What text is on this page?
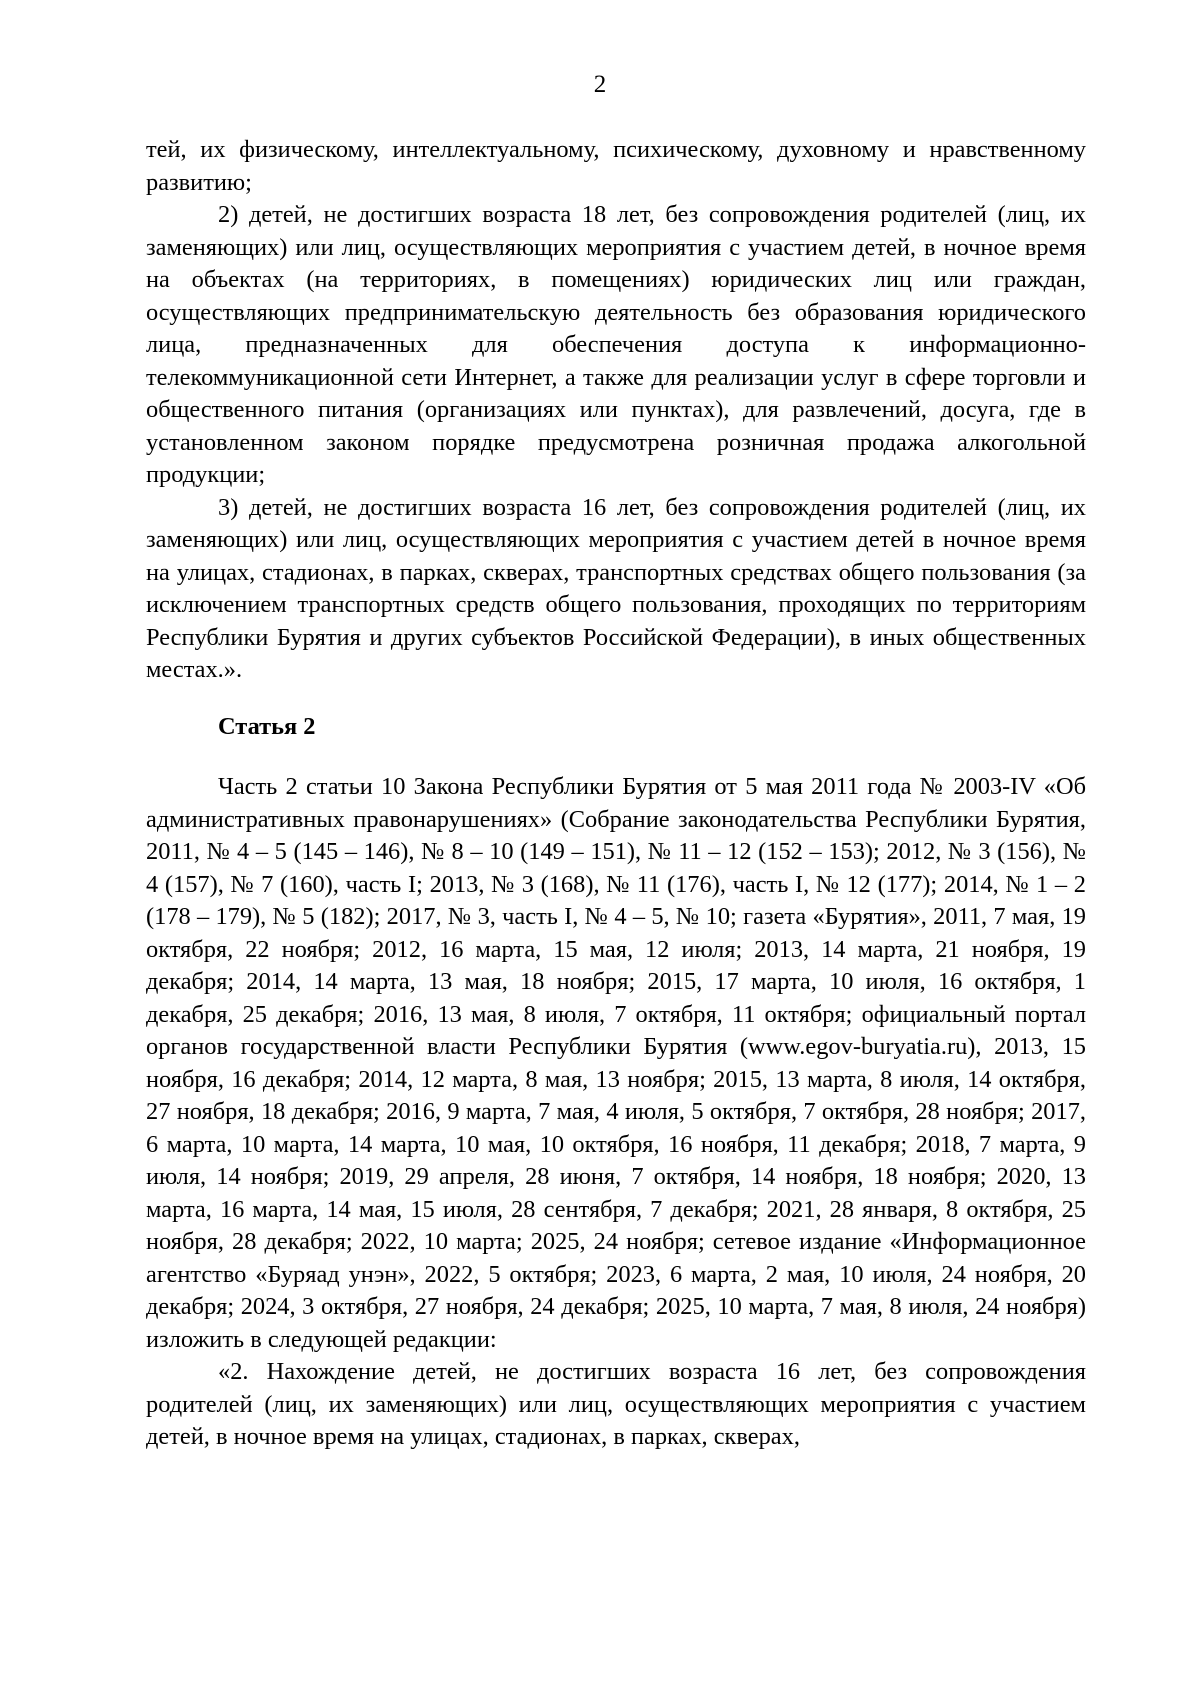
2

тей, их физическому, интеллектуальному, психическому, духовному и нравственному развитию;

2) детей, не достигших возраста 18 лет, без сопровождения родителей (лиц, их заменяющих) или лиц, осуществляющих мероприятия с участием детей, в ночное время на объектах (на территориях, в помещениях) юридических лиц или граждан, осуществляющих предпринимательскую деятельность без образования юридического лица, предназначенных для обеспечения доступа к информационно-телекоммуникационной сети Интернет, а также для реализации услуг в сфере торговли и общественного питания (организациях или пунктах), для развлечений, досуга, где в установленном законом порядке предусмотрена розничная продажа алкогольной продукции;

3) детей, не достигших возраста 16 лет, без сопровождения родителей (лиц, их заменяющих) или лиц, осуществляющих мероприятия с участием детей в ночное время на улицах, стадионах, в парках, скверах, транспортных средствах общего пользования (за исключением транспортных средств общего пользования, проходящих по территориям Республики Бурятия и других субъектов Российской Федерации), в иных общественных местах.».

Статья 2

Часть 2 статьи 10 Закона Республики Бурятия от 5 мая 2011 года № 2003-IV «Об административных правонарушениях» (Собрание законодательства Республики Бурятия, 2011, № 4 – 5 (145 – 146), № 8 – 10 (149 – 151), № 11 – 12 (152 – 153); 2012, № 3 (156), № 4 (157), № 7 (160), часть I; 2013, № 3 (168), № 11 (176), часть I, № 12 (177); 2014, № 1 – 2 (178 – 179), № 5 (182); 2017, № 3, часть I, № 4 – 5, № 10; газета «Бурятия», 2011, 7 мая, 19 октября, 22 ноября; 2012, 16 марта, 15 мая, 12 июля; 2013, 14 марта, 21 ноября, 19 декабря; 2014, 14 марта, 13 мая, 18 ноября; 2015, 17 марта, 10 июля, 16 октября, 1 декабря, 25 декабря; 2016, 13 мая, 8 июля, 7 октября, 11 октября; официальный портал органов государственной власти Республики Бурятия (www.egov-buryatia.ru), 2013, 15 ноября, 16 декабря; 2014, 12 марта, 8 мая, 13 ноября; 2015, 13 марта, 8 июля, 14 октября, 27 ноября, 18 декабря; 2016, 9 марта, 7 мая, 4 июля, 5 октября, 7 октября, 28 ноября; 2017, 6 марта, 10 марта, 14 марта, 10 мая, 10 октября, 16 ноября, 11 декабря; 2018, 7 марта, 9 июля, 14 ноября; 2019, 29 апреля, 28 июня, 7 октября, 14 ноября, 18 ноября; 2020, 13 марта, 16 марта, 14 мая, 15 июля, 28 сентября, 7 декабря; 2021, 28 января, 8 октября, 25 ноября, 28 декабря; 2022, 10 марта; 2025, 24 ноября; сетевое издание «Информационное агентство «Буряад унэн», 2022, 5 октября; 2023, 6 марта, 2 мая, 10 июля, 24 ноября, 20 декабря; 2024, 3 октября, 27 ноября, 24 декабря; 2025, 10 марта, 7 мая, 8 июля, 24 ноября) изложить в следующей редакции:

«2. Нахождение детей, не достигших возраста 16 лет, без сопровождения родителей (лиц, их заменяющих) или лиц, осуществляющих мероприятия с участием детей, в ночное время на улицах, стадионах, в парках, скверах,
